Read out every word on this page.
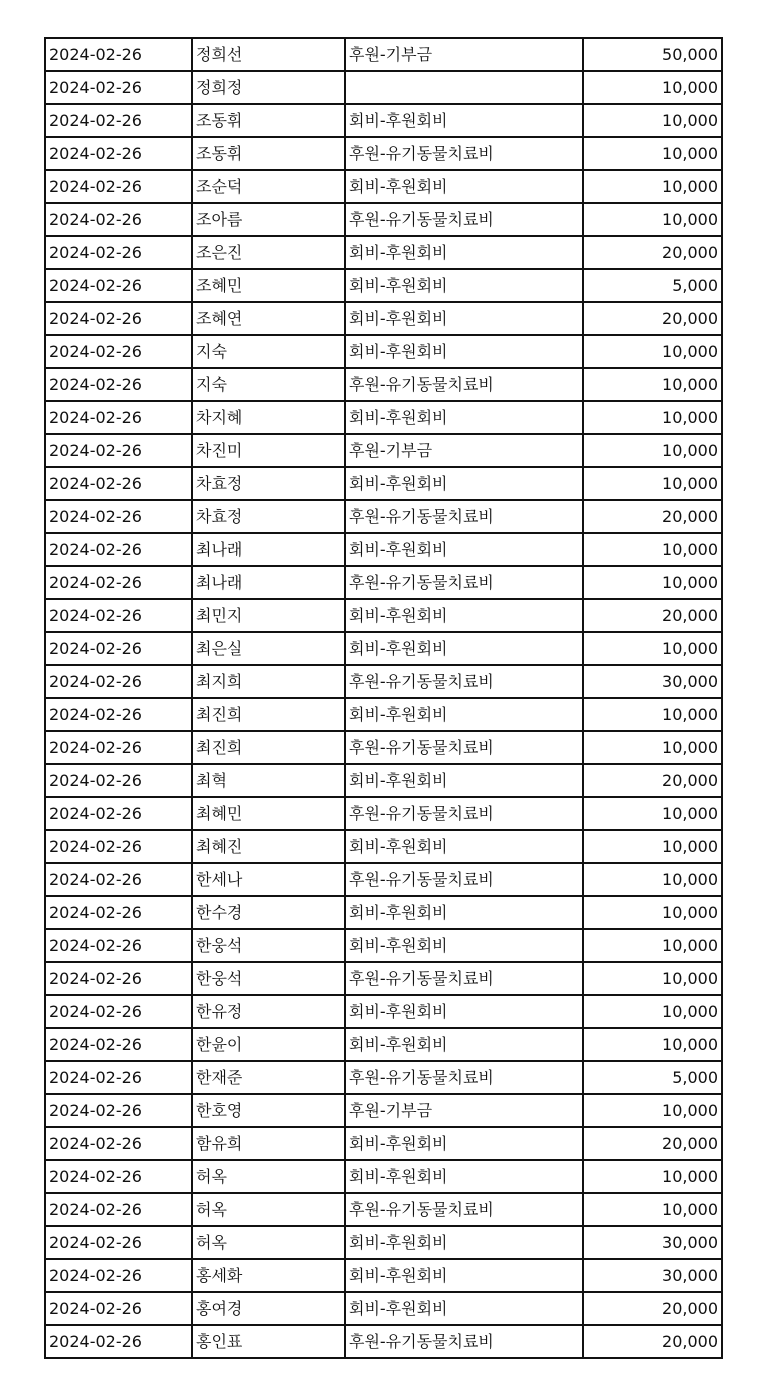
2024-02-26	정희선	후원-기부금	50,000
2024-02-26	정희정		10,000
2024-02-26	조동휘	회비-후원회비	10,000
2024-02-26	조동휘	후원-유기동물치료비	10,000
2024-02-26	조순덕	회비-후원회비	10,000
2024-02-26	조아름	후원-유기동물치료비	10,000
2024-02-26	조은진	회비-후원회비	20,000
2024-02-26	조혜민	회비-후원회비	5,000
2024-02-26	조혜연	회비-후원회비	20,000
2024-02-26	지숙	회비-후원회비	10,000
2024-02-26	지숙	후원-유기동물치료비	10,000
2024-02-26	차지혜	회비-후원회비	10,000
2024-02-26	차진미	후원-기부금	10,000
2024-02-26	차효정	회비-후원회비	10,000
2024-02-26	차효정	후원-유기동물치료비	20,000
2024-02-26	최나래	회비-후원회비	10,000
2024-02-26	최나래	후원-유기동물치료비	10,000
2024-02-26	최민지	회비-후원회비	20,000
2024-02-26	최은실	회비-후원회비	10,000
2024-02-26	최지희	후원-유기동물치료비	30,000
2024-02-26	최진희	회비-후원회비	10,000
2024-02-26	최진희	후원-유기동물치료비	10,000
2024-02-26	최혁	회비-후원회비	20,000
2024-02-26	최혜민	후원-유기동물치료비	10,000
2024-02-26	최혜진	회비-후원회비	10,000
2024-02-26	한세나	후원-유기동물치료비	10,000
2024-02-26	한수경	회비-후원회비	10,000
2024-02-26	한웅석	회비-후원회비	10,000
2024-02-26	한웅석	후원-유기동물치료비	10,000
2024-02-26	한유정	회비-후원회비	10,000
2024-02-26	한윤이	회비-후원회비	10,000
2024-02-26	한재준	후원-유기동물치료비	5,000
2024-02-26	한호영	후원-기부금	10,000
2024-02-26	함유희	회비-후원회비	20,000
2024-02-26	허옥	회비-후원회비	10,000
2024-02-26	허옥	후원-유기동물치료비	10,000
2024-02-26	허옥	회비-후원회비	30,000
2024-02-26	홍세화	회비-후원회비	30,000
2024-02-26	홍여경	회비-후원회비	20,000
2024-02-26	홍인표	후원-유기동물치료비	20,000
